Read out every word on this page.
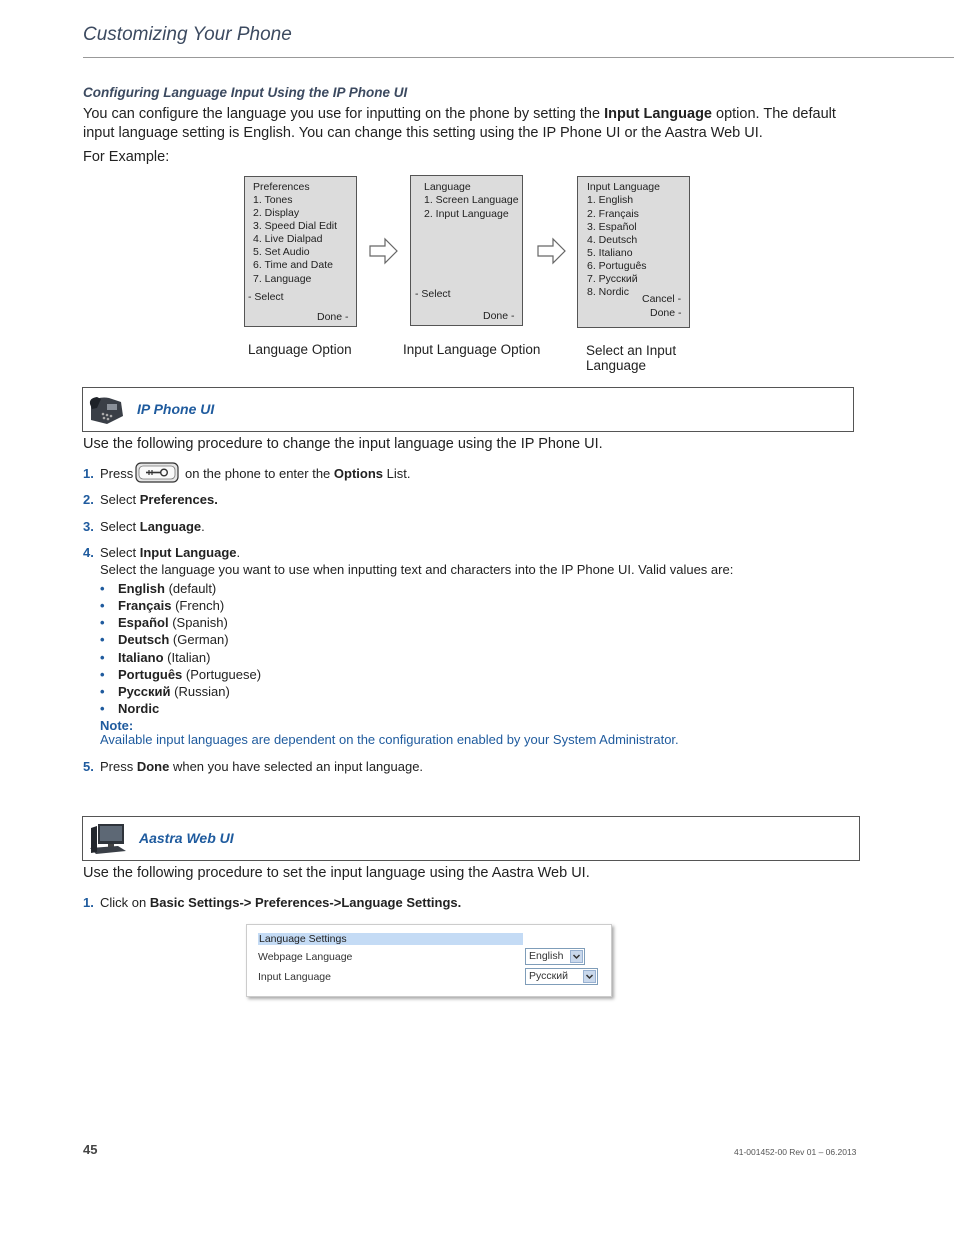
Customizing Your Phone
Configuring Language Input Using the IP Phone UI
You can configure the language you use for inputting on the phone by setting the Input Language option. The default
input language setting is English. You can change this setting using the IP Phone UI or the Aastra Web UI.
For Example:
Preferences
1. Tones
2. Display
3. Speed Dial Edit
4. Live Dialpad
5. Set Audio
6. Time and Date
7. Language
- Select
Done -
Language
1. Screen Language
2. Input Language
- Select
Done -
Input Language
1. English
2. Français
3. Español
4. Deutsch
5. Italiano
6. Português
7. Русский
8. Nordic
Cancel -
Done -
Language Option	Input Language Option	Select an Input
Language
IP Phone UI
Use the following procedure to change the input language using the IP Phone UI.
1. Press	on the phone to enter the Options List.
2. Select Preferences.
3. Select Language.
4. Select Input Language.
Select the language you want to use when inputting text and characters into the IP Phone UI. Valid values are:
• English (default)
• Français (French)
• Español (Spanish)
• Deutsch (German)
• Italiano (Italian)
• Português (Portuguese)
• Русский (Russian)
• Nordic
Note:
Available input languages are dependent on the configuration enabled by your System Administrator.
5. Press Done when you have selected an input language.
Aastra Web UI
Use the following procedure to set the input language using the Aastra Web UI.
1. Click on Basic Settings-> Preferences->Language Settings.
Language Settings
Webpage Language	English
Input Language	Русский
45	41-001452-00 Rev 01 – 06.2013
